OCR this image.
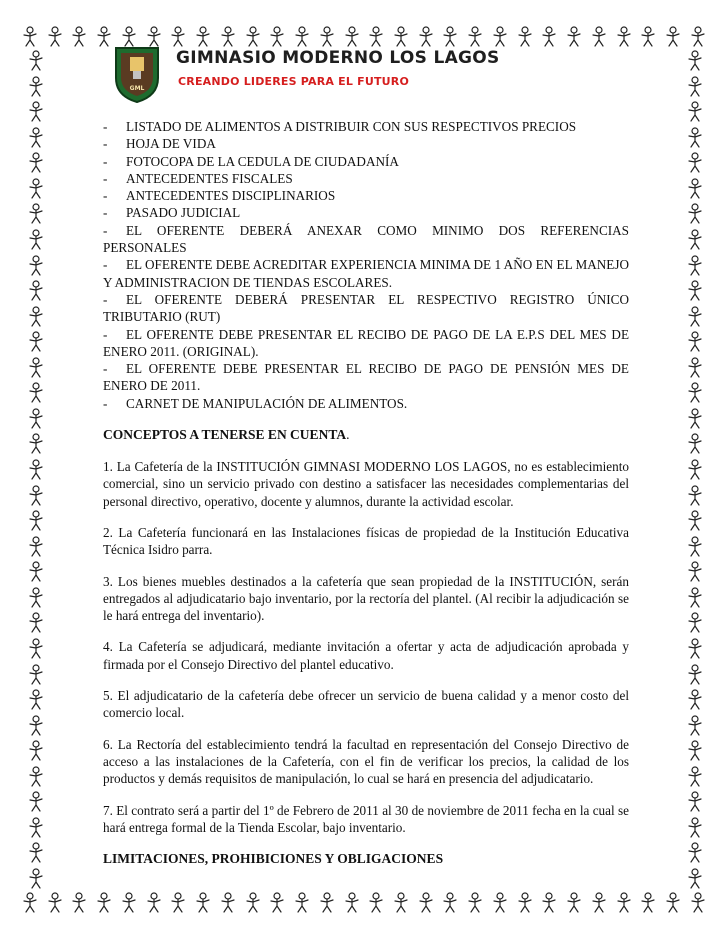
GML
GIMNASIO MODERNO LOS LAGOS
CREANDO LIDERES PARA EL FUTURO
- LISTADO DE ALIMENTOS A DISTRIBUIR CON SUS RESPECTIVOS PRECIOS
- HOJA DE VIDA
- FOTOCOPA DE LA CEDULA DE CIUDADANÍA
- ANTECEDENTES FISCALES
- ANTECEDENTES DISCIPLINARIOS
- PASADO JUDICIAL
- EL OFERENTE DEBERÁ ANEXAR COMO MINIMO DOS REFERENCIAS PERSONALES
- EL OFERENTE DEBE ACREDITAR EXPERIENCIA MINIMA DE 1 AÑO EN EL MANEJO Y ADMINISTRACION DE TIENDAS ESCOLARES.
- EL OFERENTE DEBERÁ PRESENTAR EL RESPECTIVO REGISTRO ÚNICO TRIBUTARIO (RUT)
- EL OFERENTE DEBE PRESENTAR EL RECIBO DE PAGO DE LA E.P.S DEL MES DE ENERO 2011. (ORIGINAL).
- EL OFERENTE DEBE PRESENTAR EL RECIBO DE PAGO DE PENSIÓN MES DE ENERO DE 2011.
- CARNET DE MANIPULACIÓN DE ALIMENTOS.

CONCEPTOS A TENERSE EN CUENTA.

1. La Cafetería de la INSTITUCIÓN GIMNASI MODERNO LOS LAGOS, no es establecimiento comercial, sino un servicio privado con destino a satisfacer las necesidades complementarias del personal directivo, operativo, docente y alumnos, durante la actividad escolar.

2. La Cafetería funcionará en las Instalaciones físicas de propiedad de la Institución Educativa Técnica Isidro parra.

3. Los bienes muebles destinados a la cafetería que sean propiedad de la INSTITUCIÓN, serán entregados al adjudicatario bajo inventario, por la rectoría del plantel. (Al recibir la adjudicación se le hará entrega del inventario).

4. La Cafetería se adjudicará, mediante invitación a ofertar y acta de adjudicación aprobada y firmada por el Consejo Directivo del plantel educativo.

5. El adjudicatario de la cafetería debe ofrecer un servicio de buena calidad y a menor costo del comercio local.

6. La Rectoría del establecimiento tendrá la facultad en representación del Consejo Directivo de acceso a las instalaciones de la Cafetería, con el fin de verificar los precios, la calidad de los productos y demás requisitos de manipulación, lo cual se hará en presencia del adjudicatario.

7. El contrato será a partir del 1º de Febrero de 2011 al 30 de noviembre de 2011 fecha en la cual se hará entrega formal de la Tienda Escolar, bajo inventario.

LIMITACIONES, PROHIBICIONES Y OBLIGACIONES
